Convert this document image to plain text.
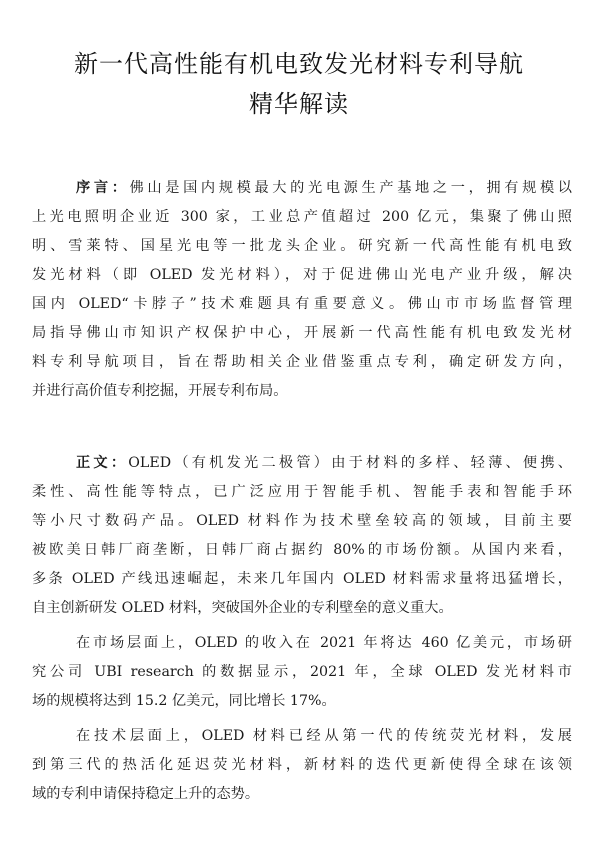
新一代高性能有机电致发光材料专利导航
精华解读
序言：佛山是国内规模最大的光电源生产基地之一，拥有规模以
上光电照明企业近 300 家，工业总产值超过 200 亿元，集聚了佛山照
明、雪莱特、国星光电等一批龙头企业。研究新一代高性能有机电致
发光材料（即 OLED 发光材料），对于促进佛山光电产业升级，解决
国内 OLED“卡脖子”技术难题具有重要意义。佛山市市场监督管理
局指导佛山市知识产权保护中心，开展新一代高性能有机电致发光材
料专利导航项目，旨在帮助相关企业借鉴重点专利，确定研发方向，
并进行高价值专利挖掘，开展专利布局。
正文：OLED（有机发光二极管）由于材料的多样、轻薄、便携、
柔性、高性能等特点，已广泛应用于智能手机、智能手表和智能手环
等小尺寸数码产品。OLED 材料作为技术壁垒较高的领域，目前主要
被欧美日韩厂商垄断，日韩厂商占据约 80%的市场份额。从国内来看，
多条 OLED 产线迅速崛起，未来几年国内 OLED 材料需求量将迅猛增长，
自主创新研发 OLED 材料，突破国外企业的专利壁垒的意义重大。
在市场层面上，OLED 的收入在 2021 年将达 460 亿美元，市场研
究公司 UBI research 的数据显示，2021 年，全球 OLED 发光材料市
场的规模将达到 15.2 亿美元，同比增长 17%。
在技术层面上，OLED 材料已经从第一代的传统荧光材料，发展
到第三代的热活化延迟荧光材料，新材料的迭代更新使得全球在该领
域的专利申请保持稳定上升的态势。
